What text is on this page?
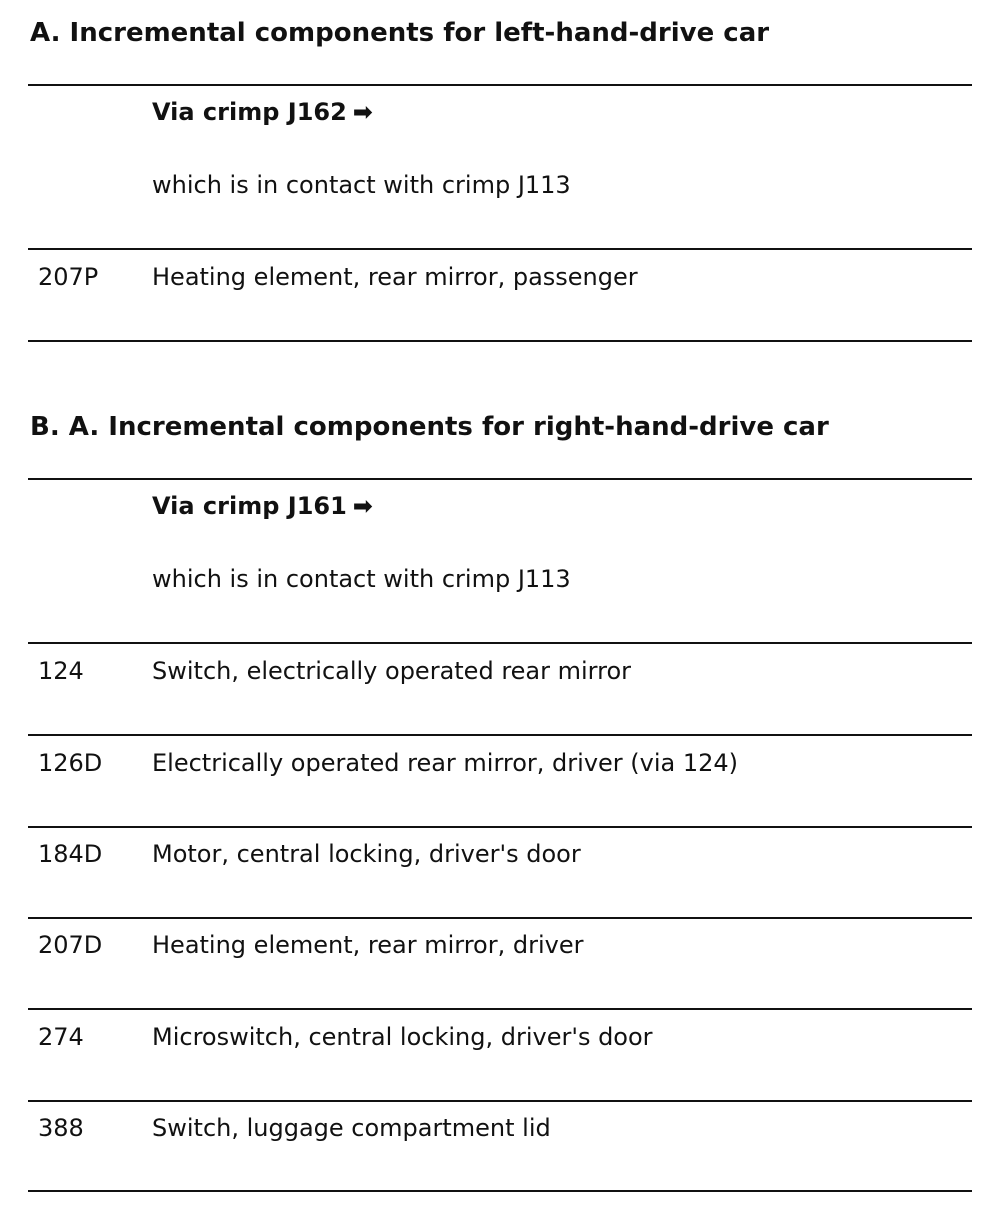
A. Incremental components for left-hand-drive car
Via crimp J162 ➡
which is in contact with crimp J113
207P Heating element, rear mirror, passenger
B. A. Incremental components for right-hand-drive car
Via crimp J161 ➡
which is in contact with crimp J113
124	Switch, electrically operated rear mirror
126D Electrically operated rear mirror, driver (via 124)
184D Motor, central locking, driver's door
207D Heating element, rear mirror, driver
274	Microswitch, central locking, driver's door
388	Switch, luggage compartment lid
